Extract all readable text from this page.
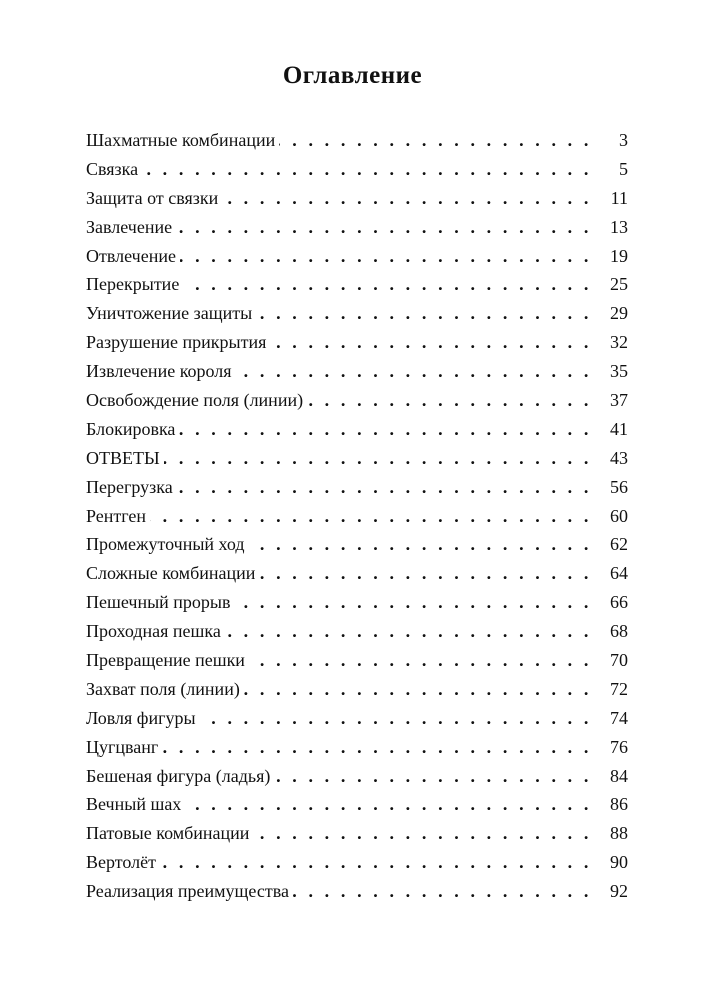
Оглавление
Шахматные комбинации . . .	3
Связка . . .	5
Защита от связки . . .	11
Завлечение . . .	13
Отвлечение . . .	19
Перекрытие . . .	25
Уничтожение защиты . . .	29
Разрушение прикрытия . . .	32
Извлечение короля . . .	35
Освобождение поля (линии) . . .	37
Блокировка . . .	41
ОТВЕТЫ . . .	43
Перегрузка . . .	56
Рентген . . .	60
Промежуточный ход . . .	62
Сложные комбинации . . .	64
Пешечный прорыв . . .	66
Проходная пешка . . .	68
Превращение пешки . . .	70
Захват поля (линии) . . .	72
Ловля фигуры . . .	74
Цугцванг . . .	76
Бешеная фигура (ладья) . . .	84
Вечный шах . . .	86
Патовые комбинации . . .	88
Вертолёт . . .	90
Реализация преимущества . . .	92
